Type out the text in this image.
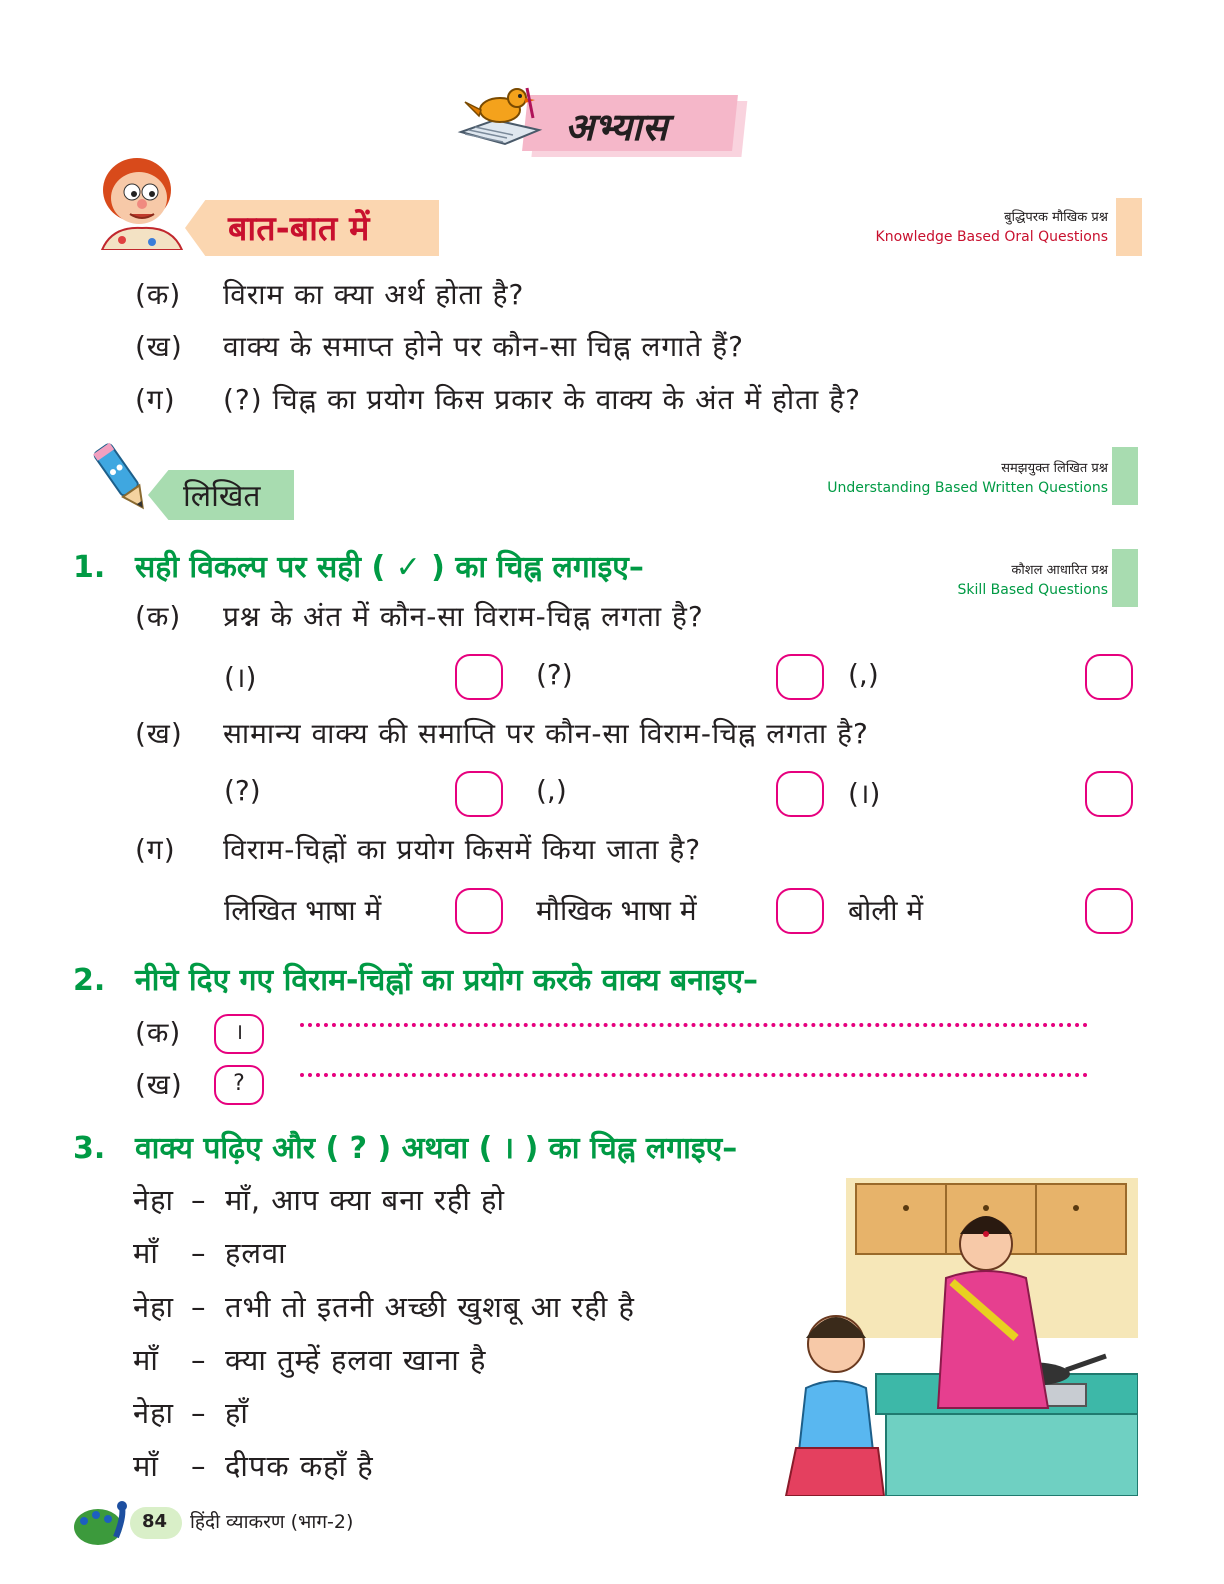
अभ्यास
बात-बात में	बुद्धिपरक मौखिक प्रश्न
Knowledge Based Oral Questions
(क) विराम का क्या अर्थ होता है?
(ख) वाक्य के समाप्त होने पर कौन-सा चिह्न लगाते हैं?
(ग) (?) चिह्न का प्रयोग किस प्रकार के वाक्य के अंत में होता है?
लिखित
समझयुक्त लिखित प्रश्न
Understanding Based Written Questions
कौशल आधारित प्रश्न
Skill Based Questions
1. सही विकल्प पर सही ( ✓ ) का चिह्न लगाइए–
(क) प्रश्न के अंत में कौन-सा विराम-चिह्न लगता है?
(।)	(?)	(,)
(ख) सामान्य वाक्य की समाप्ति पर कौन-सा विराम-चिह्न लगता है?
(?)	(,)	(।)
(ग) विराम-चिह्नों का प्रयोग किसमें किया जाता है?
लिखित भाषा में	मौखिक भाषा में	बोली में
2. नीचे दिए गए विराम-चिह्नों का प्रयोग करके वाक्य बनाइए–
(क)	।
(ख)	?
3. वाक्य पढ़िए और ( ? ) अथवा ( । ) का चिह्न लगाइए–
नेहा – माँ, आप क्या बना रही हो
माँ – हलवा
नेहा – तभी तो इतनी अच्छी खुशबू आ रही है
माँ – क्या तुम्हें हलवा खाना है
नेहा – हाँ
माँ – दीपक कहाँ है
84 हिंदी व्याकरण (भाग-2)
